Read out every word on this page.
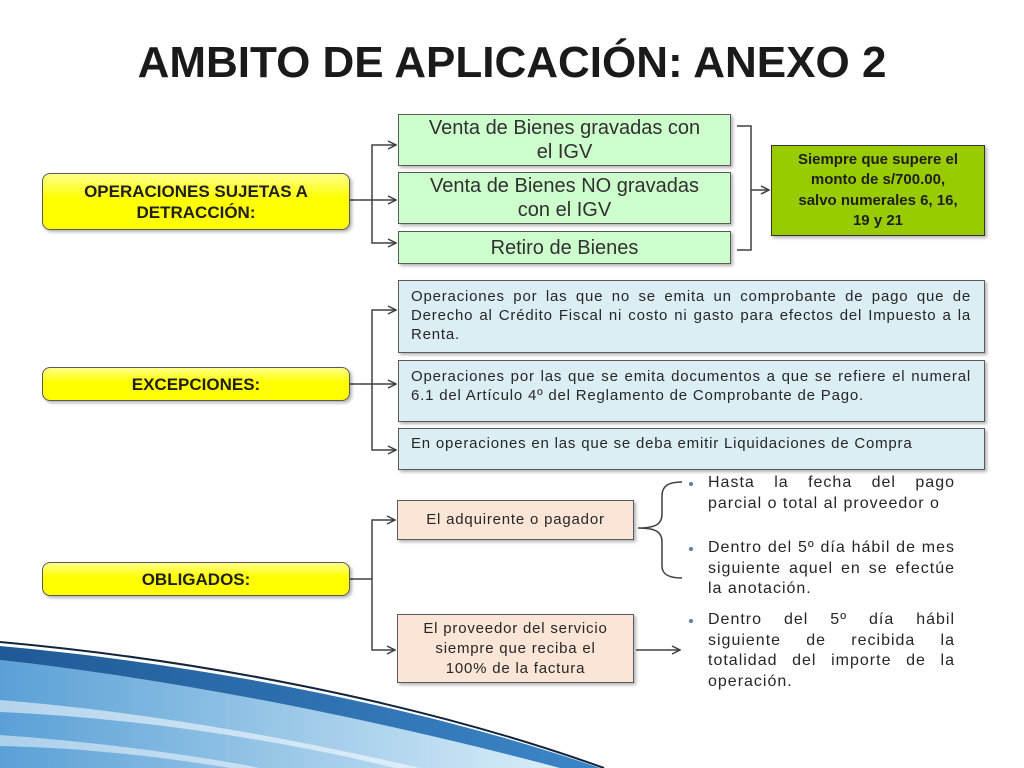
AMBITO DE APLICACIÓN: ANEXO 2
OPERACIONES SUJETAS A DETRACCIÓN:
Venta de Bienes gravadas con el IGV
Venta de Bienes NO gravadas con el IGV
Retiro de Bienes
Siempre que supere el monto de s/700.00, salvo numerales 6, 16, 19 y 21
EXCEPCIONES:
Operaciones por las que no se emita un comprobante de pago que de Derecho al Crédito Fiscal ni costo ni gasto para efectos del Impuesto a la Renta.
Operaciones por las que se emita documentos a que se refiere el numeral 6.1 del Artículo 4º del Reglamento de Comprobante de Pago.
En operaciones en las que se deba emitir Liquidaciones de Compra
OBLIGADOS:
El adquirente o pagador
El proveedor del servicio siempre que reciba el 100% de la factura
Hasta la fecha del pago parcial o total al proveedor o
Dentro del 5º día hábil de mes siguiente aquel en se efectúe la anotación.
Dentro del 5º día hábil siguiente de recibida la totalidad del importe de la operación.
